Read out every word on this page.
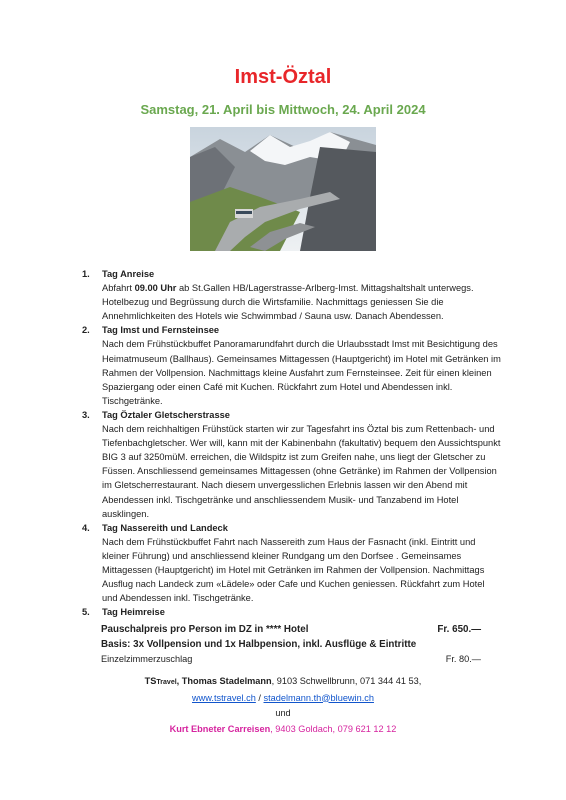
Imst-Öztal
Samstag, 21. April bis Mittwoch, 24. April 2024
1. Tag Anreise
Abfahrt 09.00 Uhr ab St.Gallen HB/Lagerstrasse-Arlberg-Imst. Mittagshaltshalt unterwegs. Hotelbezug und Begrüssung durch die Wirtsfamilie. Nachmittags geniessen Sie die Annehmlichkeiten des Hotels wie Schwimmbad / Sauna usw. Danach Abendessen.
2. Tag Imst und Fernsteinsee
Nach dem Frühstückbuffet Panoramarundfahrt durch die Urlaubsstadt Imst mit Besichtigung des Heimatmuseum (Ballhaus). Gemeinsames Mittagessen (Hauptgericht) im Hotel mit Getränken im Rahmen der Vollpension. Nachmittags kleine Ausfahrt zum Fernsteinsee. Zeit für einen kleinen Spaziergang oder einen Café mit Kuchen. Rückfahrt zum Hotel und Abendessen inkl. Tischgetränke.
3. Tag Öztaler Gletscherstrasse
Nach dem reichhaltigen Frühstück starten wir zur Tagesfahrt ins Öztal bis zum Rettenbach- und Tiefenbachgletscher. Wer will, kann mit der Kabinenbahn (fakultativ) bequem den Aussichtspunkt BIG 3 auf 3250müM. erreichen, die Wildspitz ist zum Greifen nahe, uns liegt der Gletscher zu Füssen. Anschliessend gemeinsames Mittagessen (ohne Getränke) im Rahmen der Vollpension im Gletscherrestaurant. Nach diesem unvergesslichen Erlebnis lassen wir den Abend mit Abendessen inkl. Tischgetränke und anschliessendem Musik- und Tanzabend im Hotel ausklingen.
4. Tag Nassereith und Landeck
Nach dem Frühstückbuffet Fahrt nach Nassereith zum Haus der Fasnacht (inkl. Eintritt und kleiner Führung) und anschliessend kleiner Rundgang um den Dorfsee . Gemeinsames Mittagessen (Hauptgericht) im Hotel mit Getränken im Rahmen der Vollpension. Nachmittags Ausflug nach Landeck zum «Lädele» oder Cafe und Kuchen geniessen. Rückfahrt zum Hotel und Abendessen inkl. Tischgetränke.
5. Tag Heimreise
Pauschalpreis pro Person im DZ in **** Hotel	Fr. 650.—
Basis: 3x Vollpension und 1x Halbpension, inkl. Ausflüge & Eintritte
Einzelzimmerzuschlag	Fr. 80.—
TSTravel, Thomas Stadelmann, 9103 Schwellbrunn, 071 344 41 53,
www.tstravel.ch / stadelmann.th@bluewin.ch
und
Kurt Ebneter Carreisen, 9403 Goldach, 079 621 12 12
